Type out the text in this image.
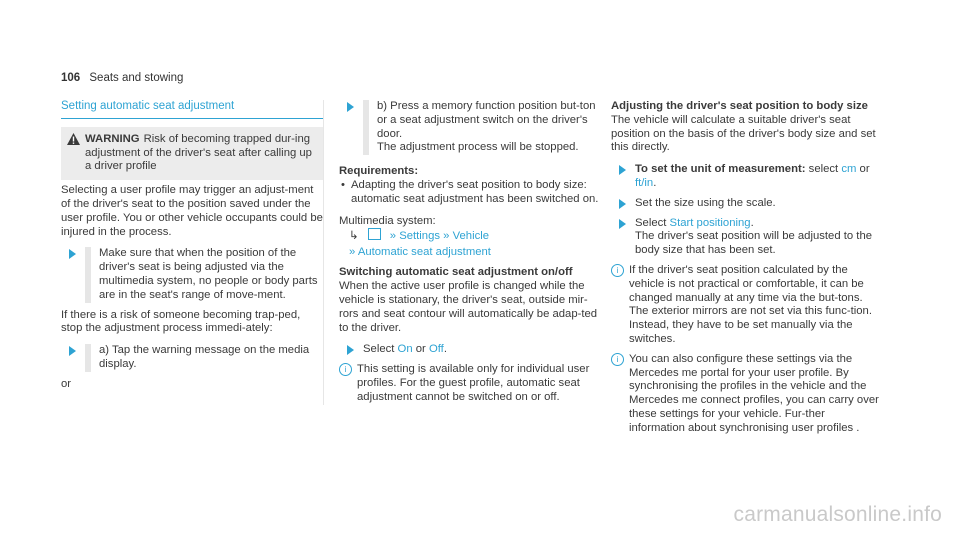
106 Seats and stowing
Setting automatic seat adjustment
WARNING Risk of becoming trapped dur-ing adjustment of the driver's seat after calling up a driver profile

Selecting a user profile may trigger an adjust-ment of the driver's seat to the position saved under the user profile. You or other vehicle occupants could be injured in the process.

Make sure that when the position of the driver's seat is being adjusted via the multimedia system, no people or body parts are in the seat's range of move-ment.

If there is a risk of someone becoming trap-ped, stop the adjustment process immedi-ately:

a) Tap the warning message on the media display.

or

b) Press a memory function position but-ton or a seat adjustment switch on the driver's door.
The adjustment process will be stopped.
Requirements:
• Adapting the driver's seat position to body size: automatic seat adjustment has been switched on.
Multimedia system:
↳	» Settings » Vehicle
» Automatic seat adjustment
Switching automatic seat adjustment on/off

When the active user profile is changed while the vehicle is stationary, the driver's seat, outside mir-rors and seat contour will automatically be adap-ted to the driver.

Select On or Off.
i This setting is available only for individual user profiles. For the guest profile, automatic seat adjustment cannot be switched on or off.
Adjusting the driver's seat position to body size

The vehicle will calculate a suitable driver's seat position on the basis of the driver's body size and set this directly.

To set the unit of measurement: select cm or ft/in.
Set the size using the scale.
Select Start positioning.
The driver's seat position will be adjusted to the body size that has been set.
i If the driver's seat position calculated by the vehicle is not practical or comfortable, it can be changed manually at any time via the but-tons.
The exterior mirrors are not set via this func-tion. Instead, they have to be set manually via the switches.
i You can also configure these settings via the Mercedes me portal for your user profile. By synchronising the profiles in the vehicle and the Mercedes me connect profiles, you can carry over these settings for your vehicle. Fur-ther information about synchronising user profiles .
carmanualsonline.info
